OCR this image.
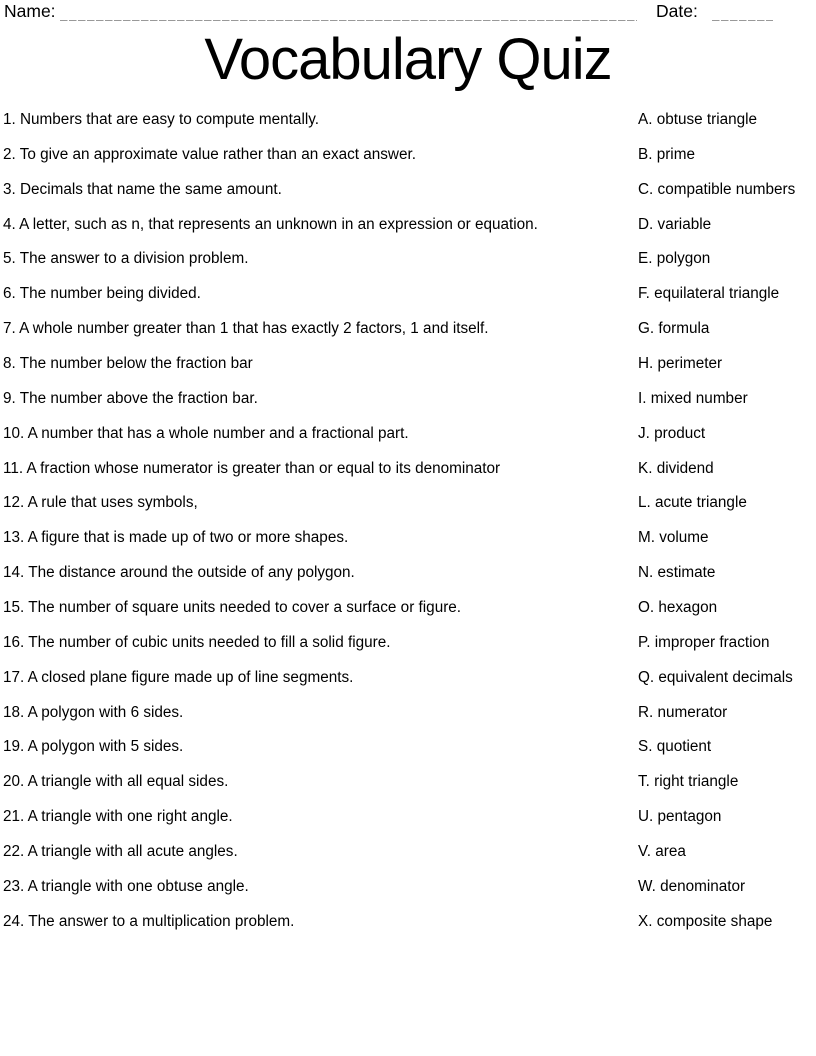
Name:	Date:
Vocabulary Quiz
1. Numbers that are easy to compute mentally.	A. obtuse triangle
2. To give an approximate value rather than an exact answer.	B. prime
3. Decimals that name the same amount.	C. compatible numbers
4. A letter, such as n, that represents an unknown in an expression or equation.	D. variable
5. The answer to a division problem.	E. polygon
6. The number being divided.	F. equilateral triangle
7. A whole number greater than 1 that has exactly 2 factors, 1 and itself.	G. formula
8. The number below the fraction bar	H. perimeter
9. The number above the fraction bar.	I. mixed number
10. A number that has a whole number and a fractional part.	J. product
11. A fraction whose numerator is greater than or equal to its denominator	K. dividend
12. A rule that uses symbols,	L. acute triangle
13. A figure that is made up of two or more shapes.	M. volume
14. The distance around the outside of any polygon.	N. estimate
15. The number of square units needed to cover a surface or figure.	O. hexagon
16. The number of cubic units needed to fill a solid figure.	P. improper fraction
17. A closed plane figure made up of line segments.	Q. equivalent decimals
18. A polygon with 6 sides.	R. numerator
19. A polygon with 5 sides.	S. quotient
20. A triangle with all equal sides.	T. right triangle
21. A triangle with one right angle.	U. pentagon
22. A triangle with all acute angles.	V. area
23. A triangle with one obtuse angle.	W. denominator
24. The answer to a multiplication problem.	X. composite shape
